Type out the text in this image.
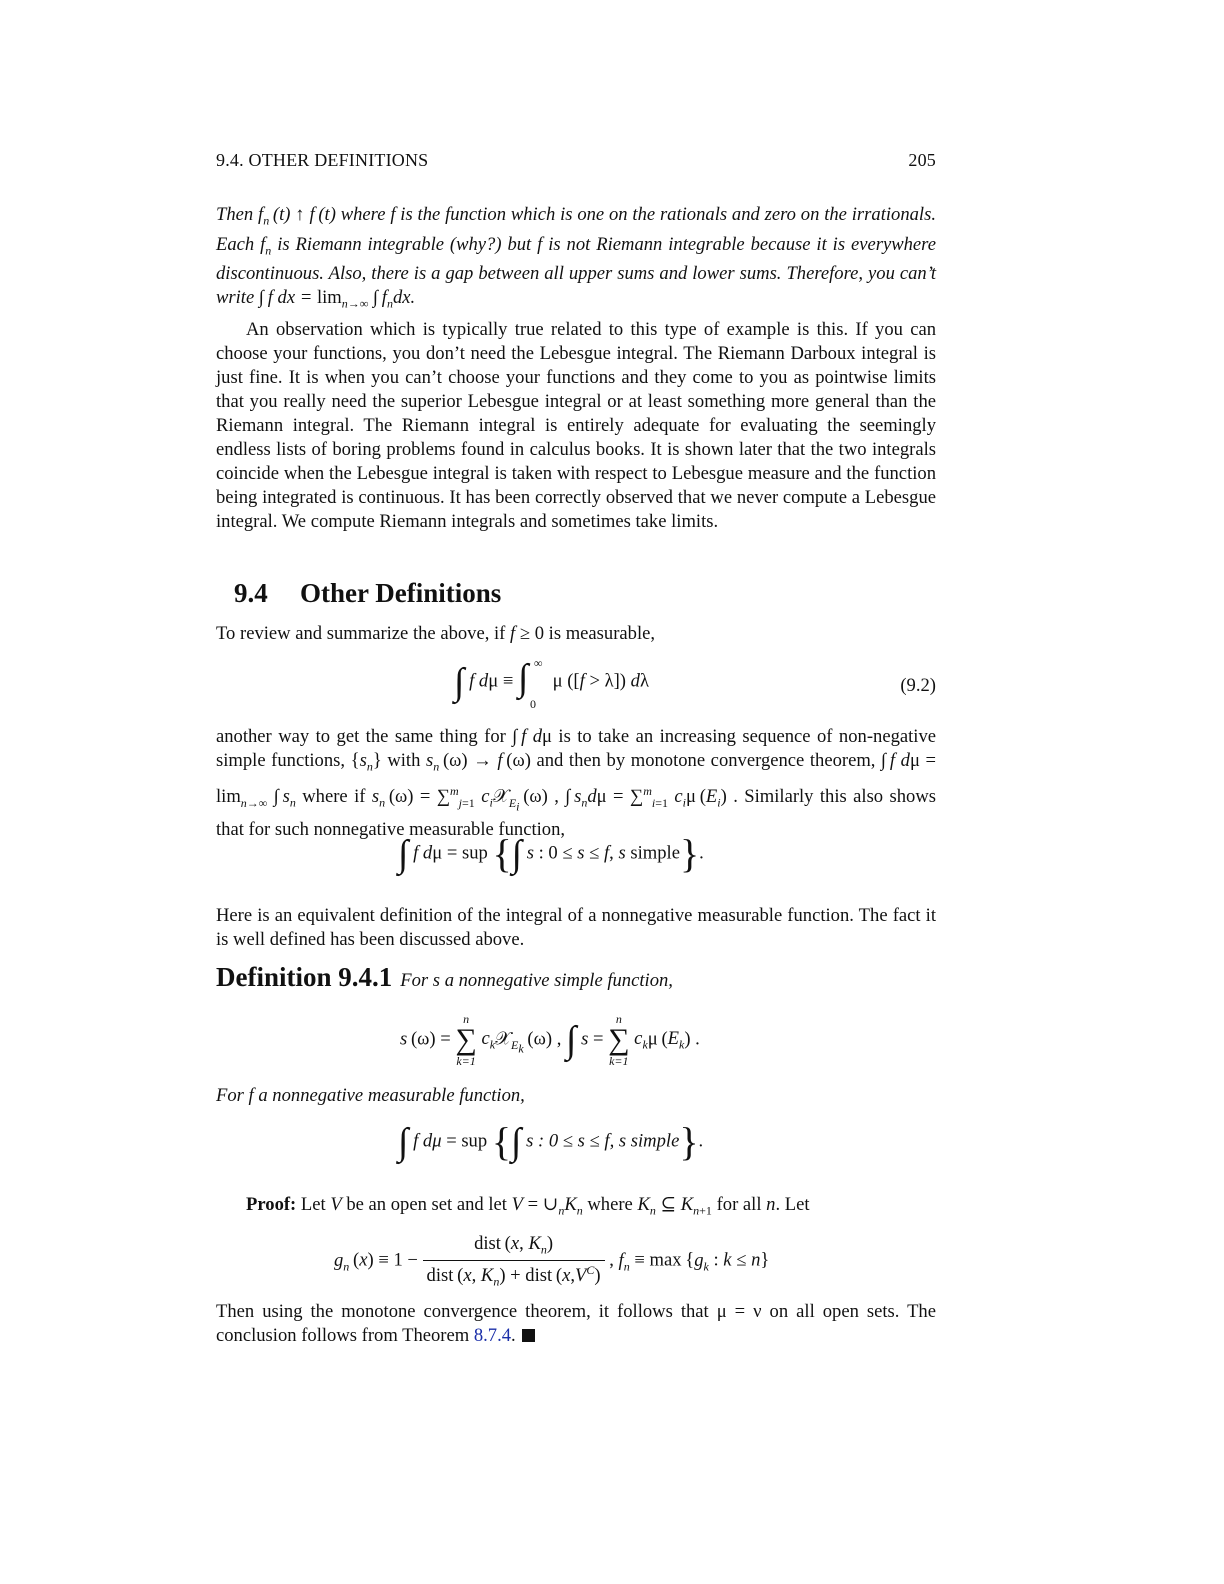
9.4. OTHER DEFINITIONS	205

Then $f_n$ (t) ↑ f (t) where f is the function which is one on the rationals and zero on the irrationals. Each $f_n$ is Riemann integrable (why?) but f is not Riemann integrable because it is everywhere discontinuous. Also, there is a gap between all upper sums and lower sums. Therefore, you can’t write ∫ f dx = $\lim_{n\to\infty}$ ∫ $f_ndx$.

An observation which is typically true related to this type of example is this. If you can choose your functions, you don’t need the Lebesgue integral. The Riemann Darboux integral is just fine. It is when you can’t choose your functions and they come to you as pointwise limits that you really need the superior Lebesgue integral or at least something more general than the Riemann integral. The Riemann integral is entirely adequate for evaluating the seemingly endless lists of boring problems found in calculus books. It is shown later that the two integrals coincide when the Lebesgue integral is taken with respect to Lebesgue measure and the function being integrated is continuous. It has been correctly observed that we never compute a Lebesgue integral. We compute Riemann integrals and sometimes take limits.

9.4 Other Definitions

To review and summarize the above, if f ≥ 0 is measurable,

∫ f dμ ≡ ∫ ∞
0
μ ([f > λ]) dλ	(9.2)

another way to get the same thing for ∫ f dμ is to take an increasing sequence of non-negative simple functions, $\{s_n\}$ with $s_n$ (ω) → f (ω) and then by monotone convergence theorem, ∫ f $d\mu = \lim_{n\to\infty}$ ∫ $s_n$ where if $s_n$ (ω) = ∑$^m_{j=1}$ $c_i𝒳_{E_i}$ (ω) , ∫ $s_nd\mu = \sum^m_{i=1}$ $c_i\mu$ $(E_i)$ . Similarly this also shows that for such nonnegative measurable function,

∫ f dμ = sup {∫ s : 0 ≤ s ≤ f, s simple}.

Here is an equivalent definition of the integral of a nonnegative measurable function. The fact it is well defined has been discussed above.

Definition 9.4.1 For s a nonnegative simple function,
s (ω) =
n
∑
k=1
$c_k𝒳_{E_k}$ (ω) , ∫ s =
n
∑
k=1
$c_k\mu$ $(E_k)$ .

For f a nonnegative measurable function,

∫ f dμ = sup {∫ s : 0 ≤ s ≤ f, s simple}.

Proof: Let V be an open set and let $V = \cup_nK_n$ where $K_n$ ⊆ $K_{n+1}$ for all n. Let

$g_n$ $(x) \equiv 1 - \frac{dist (x, K_n)}{dist (x, K_n) + dist (x,V^C)}$ , $f_n \equiv \max \{g_k$ : k ≤ n}

Then using the monotone convergence theorem, it follows that μ = ν on all open sets. The conclusion follows from Theorem 8.7.4.
